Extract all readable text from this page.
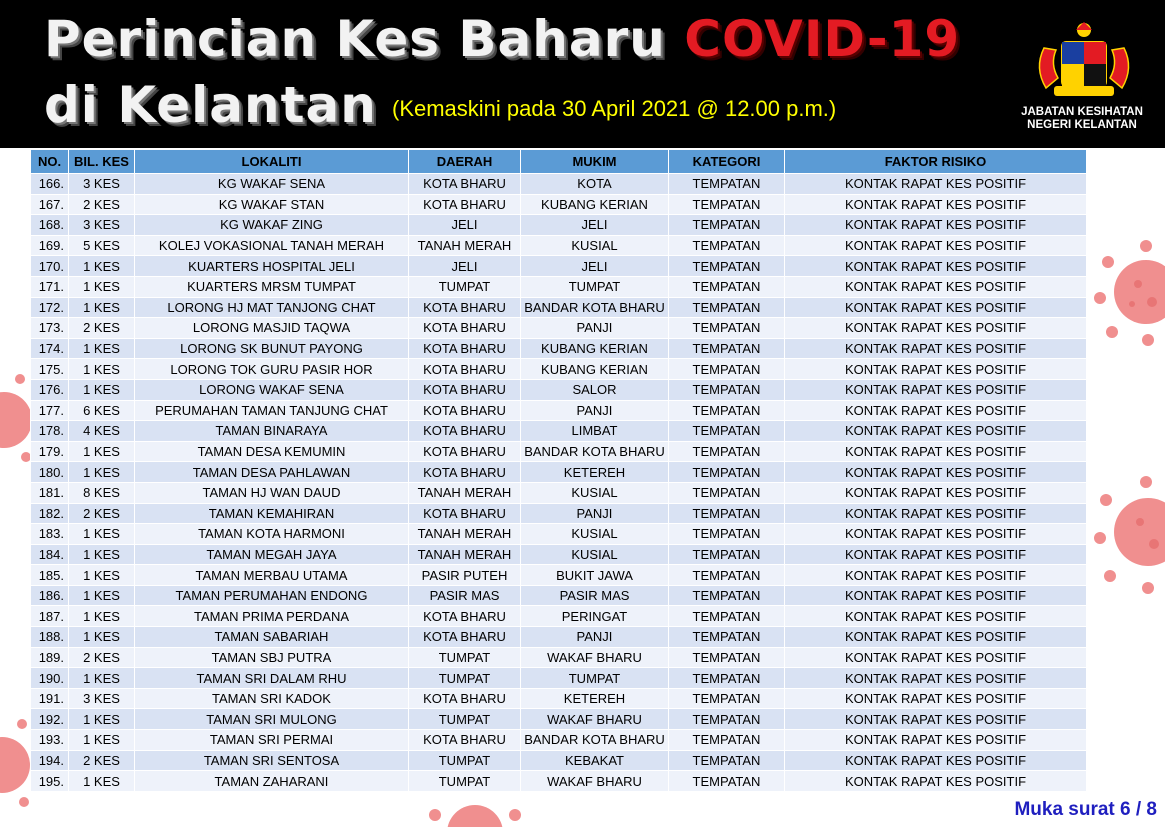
Perincian Kes Baharu COVID-19
di Kelantan (Kemaskini pada 30 April 2021 @ 12.00 p.m.)	JABATAN KESIHATAN
NEGERI KELANTAN
NO.	BIL. KES	LOKALITI	DAERAH	MUKIM	KATEGORI	FAKTOR RISIKO
166.	3 KES	KG WAKAF SENA	KOTA BHARU	KOTA	TEMPATAN	KONTAK RAPAT KES POSITIF
167.	2 KES	KG WAKAF STAN	KOTA BHARU	KUBANG KERIAN	TEMPATAN	KONTAK RAPAT KES POSITIF
168.	3 KES	KG WAKAF ZING	JELI	JELI	TEMPATAN	KONTAK RAPAT KES POSITIF
169.	5 KES	KOLEJ VOKASIONAL TANAH MERAH	TANAH MERAH	KUSIAL	TEMPATAN	KONTAK RAPAT KES POSITIF
170.	1 KES	KUARTERS HOSPITAL JELI	JELI	JELI	TEMPATAN	KONTAK RAPAT KES POSITIF
171.	1 KES	KUARTERS MRSM TUMPAT	TUMPAT	TUMPAT	TEMPATAN	KONTAK RAPAT KES POSITIF
172.	1 KES	LORONG HJ MAT TANJONG CHAT	KOTA BHARU	BANDAR KOTA BHARU	TEMPATAN	KONTAK RAPAT KES POSITIF
173.	2 KES	LORONG MASJID TAQWA	KOTA BHARU	PANJI	TEMPATAN	KONTAK RAPAT KES POSITIF
174.	1 KES	LORONG SK BUNUT PAYONG	KOTA BHARU	KUBANG KERIAN	TEMPATAN	KONTAK RAPAT KES POSITIF
175.	1 KES	LORONG TOK GURU PASIR HOR	KOTA BHARU	KUBANG KERIAN	TEMPATAN	KONTAK RAPAT KES POSITIF
176.	1 KES	LORONG WAKAF SENA	KOTA BHARU	SALOR	TEMPATAN	KONTAK RAPAT KES POSITIF
177.	6 KES	PERUMAHAN TAMAN TANJUNG CHAT	KOTA BHARU	PANJI	TEMPATAN	KONTAK RAPAT KES POSITIF
178.	4 KES	TAMAN BINARAYA	KOTA BHARU	LIMBAT	TEMPATAN	KONTAK RAPAT KES POSITIF
179.	1 KES	TAMAN DESA KEMUMIN	KOTA BHARU	BANDAR KOTA BHARU	TEMPATAN	KONTAK RAPAT KES POSITIF
180.	1 KES	TAMAN DESA PAHLAWAN	KOTA BHARU	KETEREH	TEMPATAN	KONTAK RAPAT KES POSITIF
181.	8 KES	TAMAN HJ WAN DAUD	TANAH MERAH	KUSIAL	TEMPATAN	KONTAK RAPAT KES POSITIF
182.	2 KES	TAMAN KEMAHIRAN	KOTA BHARU	PANJI	TEMPATAN	KONTAK RAPAT KES POSITIF
183.	1 KES	TAMAN KOTA HARMONI	TANAH MERAH	KUSIAL	TEMPATAN	KONTAK RAPAT KES POSITIF
184.	1 KES	TAMAN MEGAH JAYA	TANAH MERAH	KUSIAL	TEMPATAN	KONTAK RAPAT KES POSITIF
185.	1 KES	TAMAN MERBAU UTAMA	PASIR PUTEH	BUKIT JAWA	TEMPATAN	KONTAK RAPAT KES POSITIF
186.	1 KES	TAMAN PERUMAHAN ENDONG	PASIR MAS	PASIR MAS	TEMPATAN	KONTAK RAPAT KES POSITIF
187.	1 KES	TAMAN PRIMA PERDANA	KOTA BHARU	PERINGAT	TEMPATAN	KONTAK RAPAT KES POSITIF
188.	1 KES	TAMAN SABARIAH	KOTA BHARU	PANJI	TEMPATAN	KONTAK RAPAT KES POSITIF
189.	2 KES	TAMAN SBJ PUTRA	TUMPAT	WAKAF BHARU	TEMPATAN	KONTAK RAPAT KES POSITIF
190.	1 KES	TAMAN SRI DALAM RHU	TUMPAT	TUMPAT	TEMPATAN	KONTAK RAPAT KES POSITIF
191.	3 KES	TAMAN SRI KADOK	KOTA BHARU	KETEREH	TEMPATAN	KONTAK RAPAT KES POSITIF
192.	1 KES	TAMAN SRI MULONG	TUMPAT	WAKAF BHARU	TEMPATAN	KONTAK RAPAT KES POSITIF
193.	1 KES	TAMAN SRI PERMAI	KOTA BHARU	BANDAR KOTA BHARU	TEMPATAN	KONTAK RAPAT KES POSITIF
194.	2 KES	TAMAN SRI SENTOSA	TUMPAT	KEBAKAT	TEMPATAN	KONTAK RAPAT KES POSITIF
195.	1 KES	TAMAN ZAHARANI	TUMPAT	WAKAF BHARU	TEMPATAN	KONTAK RAPAT KES POSITIF
Muka surat 6 / 8
